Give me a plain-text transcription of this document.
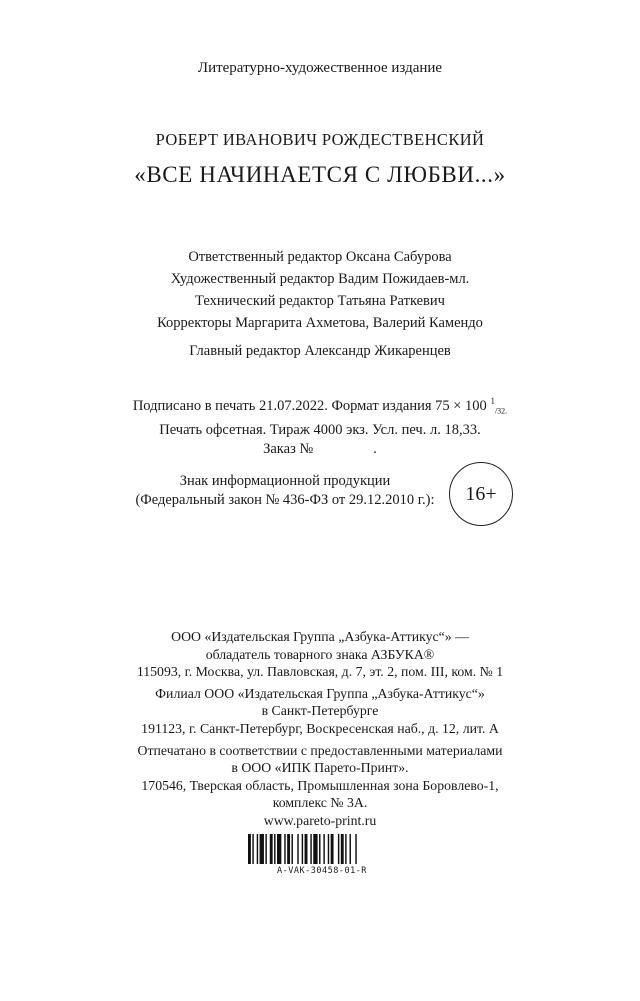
Литературно-художественное издание
РОБЕРТ ИВАНОВИЧ РОЖДЕСТВЕНСКИЙ
«ВСЕ НАЧИНАЕТСЯ С ЛЮБВИ...»
Ответственный редактор Оксана Сабурова
Художественный редактор Вадим Пожидаев-мл.
Технический редактор Татьяна Раткевич
Корректоры Маргарита Ахметова, Валерий Камендо
Главный редактор Александр Жикаренцев
Подписано в печать 21.07.2022. Формат издания 75 × 100 $^1_{/32.}$
Печать офсетная. Тираж 4000 экз. Усл. печ. л. 18,33.
Заказ №	.
Знак информационной продукции
(Федеральный закон № 436-ФЗ от 29.12.2010 г.):	16+
ООО «Издательская Группа „Азбука-Аттикус“» —
обладатель товарного знака АЗБУКА®
115093, г. Москва, ул. Павловская, д. 7, эт. 2, пом. III, ком. № 1
Филиал ООО «Издательская Группа „Азбука-Аттикус“»
в Санкт-Петербурге
191123, г. Санкт-Петербург, Воскресенская наб., д. 12, лит. А
Отпечатано в соответствии с предоставленными материалами
в ООО «ИПК Парето-Принт».
170546, Тверская область, Промышленная зона Боровлево-1,
комплекс № 3А.
www.pareto-print.ru
A-VAK-30458-01-R
